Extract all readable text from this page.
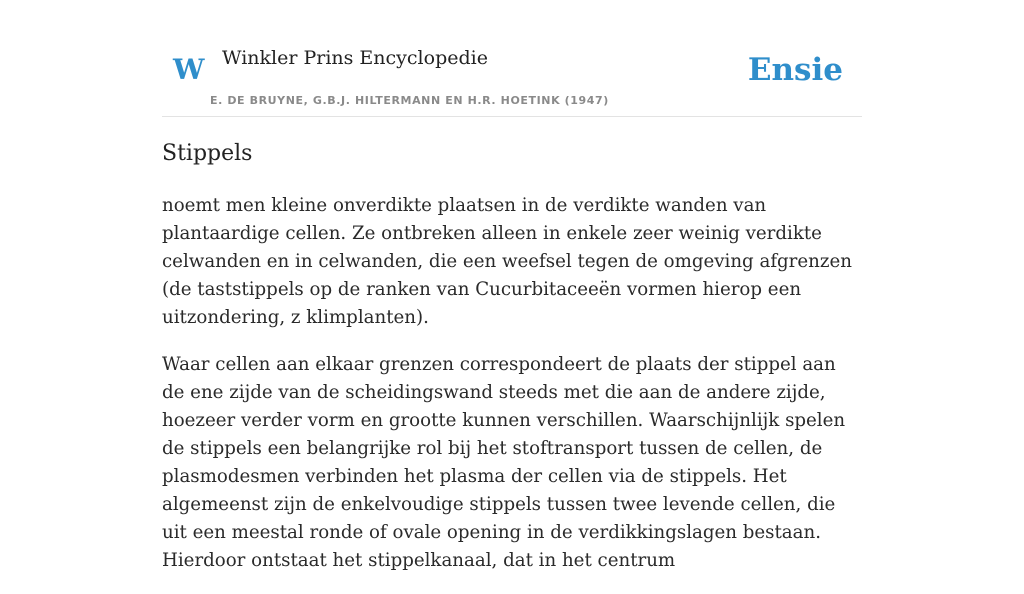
W Winkler Prins Encyclopedie
E. DE BRUYNE, G.B.J. HILTERMANN EN H.R. HOETINK (1947)
Ensie
Stippels

noemt men kleine onverdikte plaatsen in de verdikte wanden van plantaardige cellen. Ze ontbreken alleen in enkele zeer weinig verdikte celwanden en in celwanden, die een weefsel tegen de omgeving afgrenzen (de taststippels op de ranken van Cucurbitaceeën vormen hierop een uitzondering, z klimplanten).

Waar cellen aan elkaar grenzen correspondeert de plaats der stippel aan de ene zijde van de scheidingswand steeds met die aan de andere zijde, hoezeer verder vorm en grootte kunnen verschillen. Waarschijnlijk spelen de stippels een belangrijke rol bij het stoftransport tussen de cellen, de plasmodesmen verbinden het plasma der cellen via de stippels. Het algemeenst zijn de enkelvoudige stippels tussen twee levende cellen, die uit een meestal ronde of ovale opening in de verdikkingslagen bestaan. Hierdoor ontstaat het stippelkanaal, dat in het centrum
